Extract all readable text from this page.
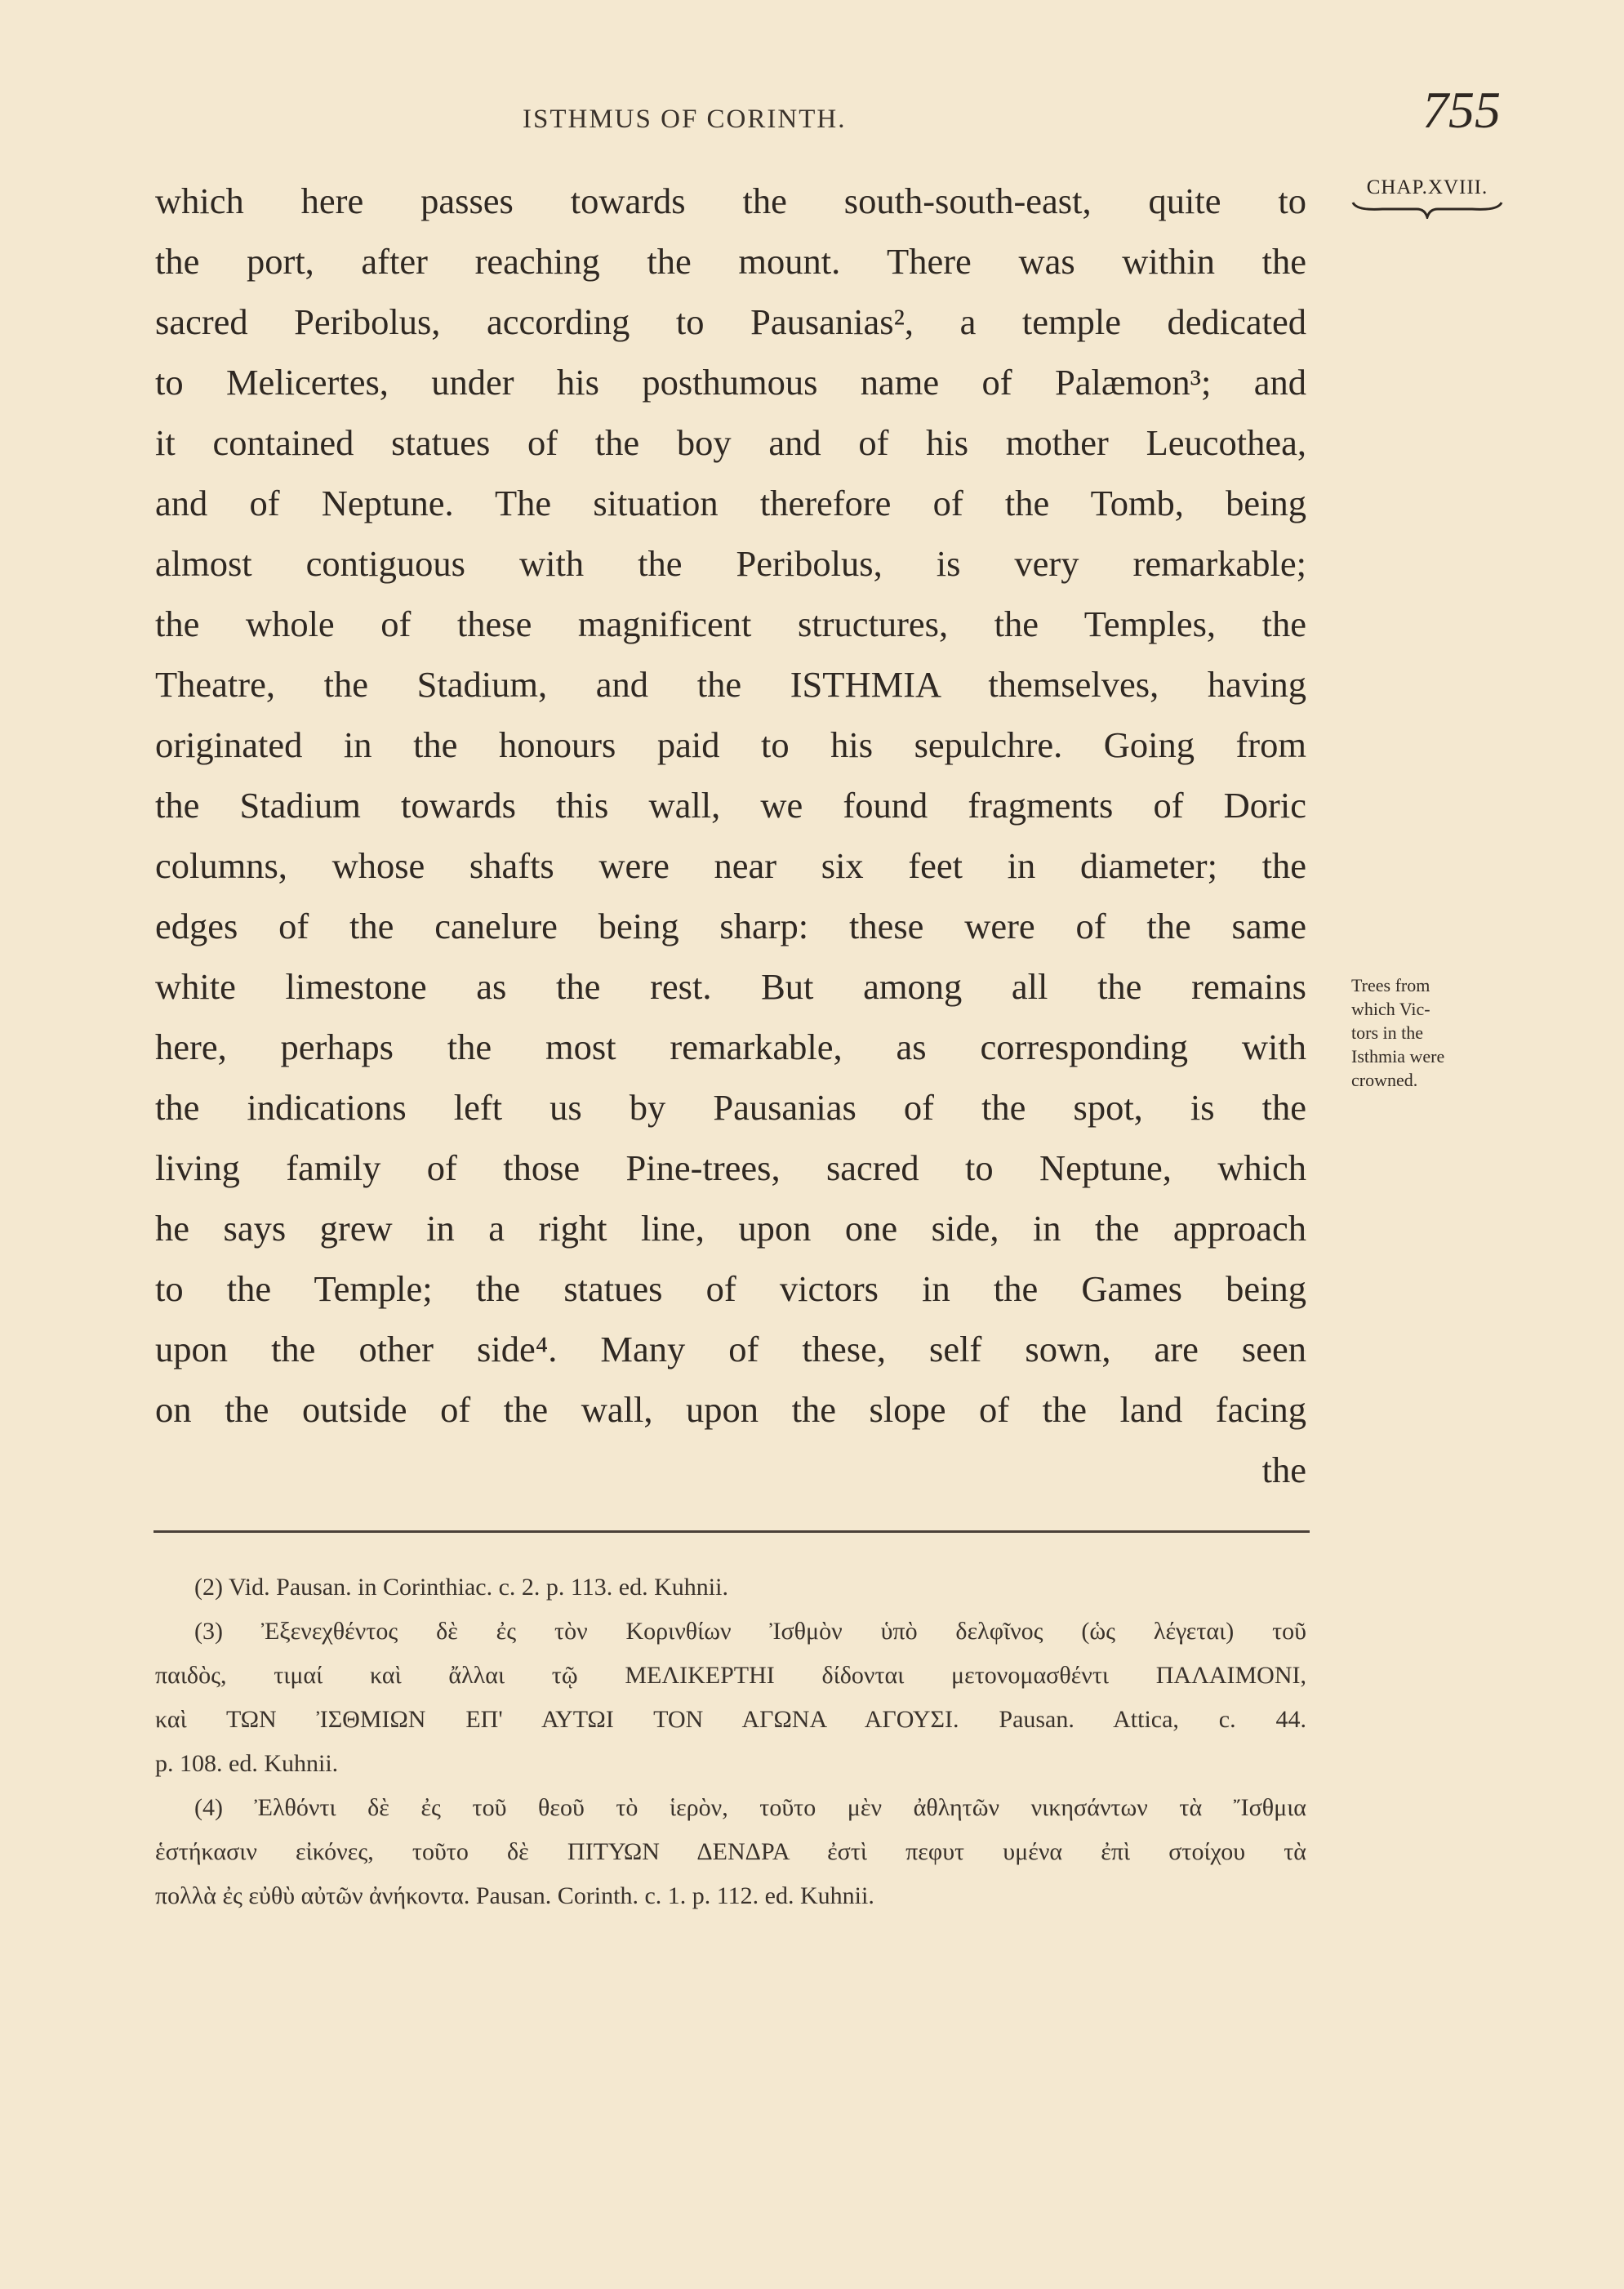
ISTHMUS OF CORINTH.	755
CHAP.XVIII.
which here passes towards the south-south-east, quite to
the port, after reaching the mount. There was within the
sacred Peribolus, according to Pausanias², a temple dedicated
to Melicertes, under his posthumous name of Palæmon³; and
it contained statues of the boy and of his mother Leucothea,
and of Neptune. The situation therefore of the Tomb, being
almost contiguous with the Peribolus, is very remarkable;
the whole of these magnificent structures, the Temples, the
Theatre, the Stadium, and the ISTHMIA themselves, having
originated in the honours paid to his sepulchre. Going from
the Stadium towards this wall, we found fragments of Doric
columns, whose shafts were near six feet in diameter; the
edges of the canelure being sharp: these were of the same
white limestone as the rest. But among all the remains
here, perhaps the most remarkable, as corresponding with
the indications left us by Pausanias of the spot, is the
living family of those Pine-trees, sacred to Neptune, which
he says grew in a right line, upon one side, in the approach
to the Temple; the statues of victors in the Games being
upon the other side⁴. Many of these, self sown, are seen
on the outside of the wall, upon the slope of the land facing
the
Trees from
which Vic-
tors in the
Isthmia were
crowned.
(2) Vid. Pausan. in Corinthiac. c. 2. p. 113. ed. Kuhnii.
(3) Ἐξενεχθέντος δὲ ἐς τὸν Κορινθίων Ἰσθμὸν ὑπὸ δελφῖνος (ὡς λέγεται) τοῦ
παιδὸς, τιμαί καὶ ἄλλαι τῷ ΜΕΛΙΚΕΡΤΗΙ δίδονται μετονομασθέντι ΠΑΛΑΙΜΟΝΙ,
καὶ ΤΩΝ ἸΣΘΜΙΩΝ ΕΠ' ΑΥΤΩΙ ΤΟΝ ΑΓΩΝΑ ΑΓΟΥΣΙ. Pausan. Attica, c. 44.
p. 108. ed. Kuhnii.
(4) Ἐλθόντι δὲ ἐς τοῦ θεοῦ τὸ ἱερὸν, τοῦτο μὲν ἀθλητῶν νικησάντων τὰ Ἴσθμια
ἑστήκασιν εἰκόνες, τοῦτο δὲ ΠΙΤΥΩΝ ΔΕΝΔΡΑ ἐστὶ πεφυτ υμένα ἐπὶ στοίχου τὰ
πολλὰ ἐς εὐθὺ αὐτῶν ἀνήκοντα. Pausan. Corinth. c. 1. p. 112. ed. Kuhnii.
